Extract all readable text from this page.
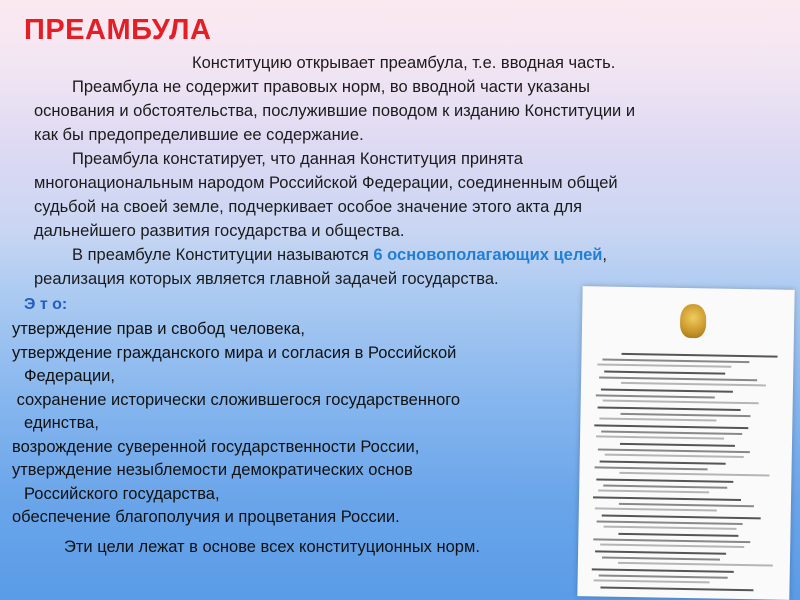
ПРЕАМБУЛА
Конституцию открывает преамбула, т.е. вводная часть.
Преамбула не содержит правовых норм, во вводной части указаны
основания и обстоятельства, послужившие поводом к изданию Конституции и
как бы предопределившие ее содержание.
Преамбула констатирует, что данная Конституция принята
многонациональным народом Российской Федерации, соединенным общей
судьбой на своей земле, подчеркивает особое значение этого акта для
дальнейшего развития государства и общества.
В преамбуле Конституции называются 6 основополагающих целей,
реализация которых является главной задачей государства.
Э т о:
утверждение прав и свобод человека,
утверждение гражданского мира и согласия в Российской
Федерации,
сохранение исторически сложившегося государственного
единства,
возрождение суверенной государственности России,
утверждение незыблемости демократических основ
Российского государства,
обеспечение благополучия и процветания России.
Эти цели лежат в основе всех конституционных норм.
